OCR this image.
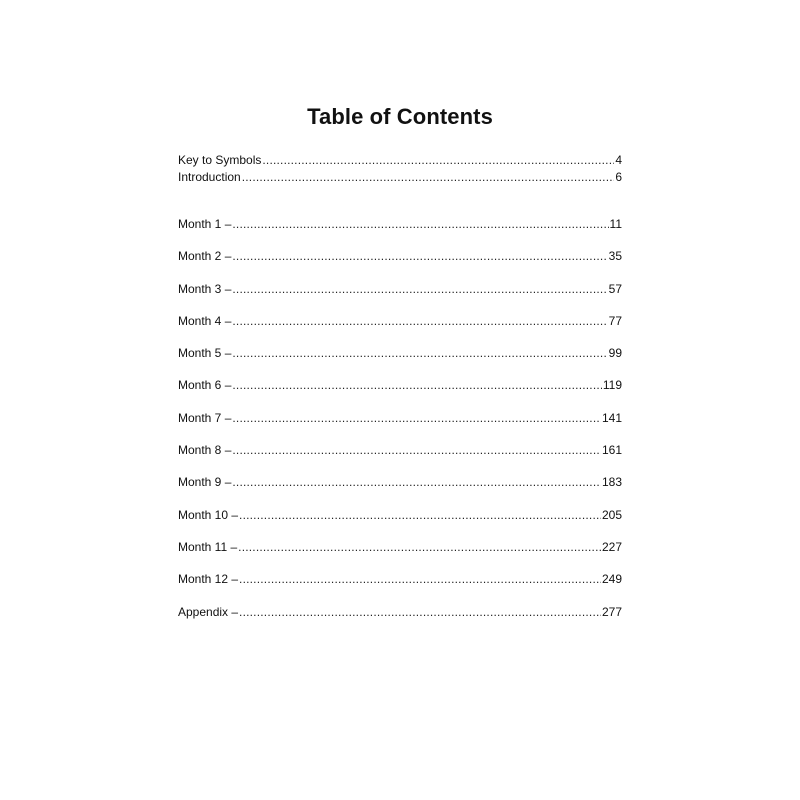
Table of Contents
Key to Symbols .....	4
Introduction .....	6
Month 1 – .....	11
Month 2 – .....	35
Month 3 – .....	57
Month 4 – .....	77
Month 5 – .....	99
Month 6 – .....	119
Month 7 – .....	141
Month 8 – .....	161
Month 9 – .....	183
Month 10 – .....	205
Month 11 – .....	227
Month 12 – .....	249
Appendix – .....	277
